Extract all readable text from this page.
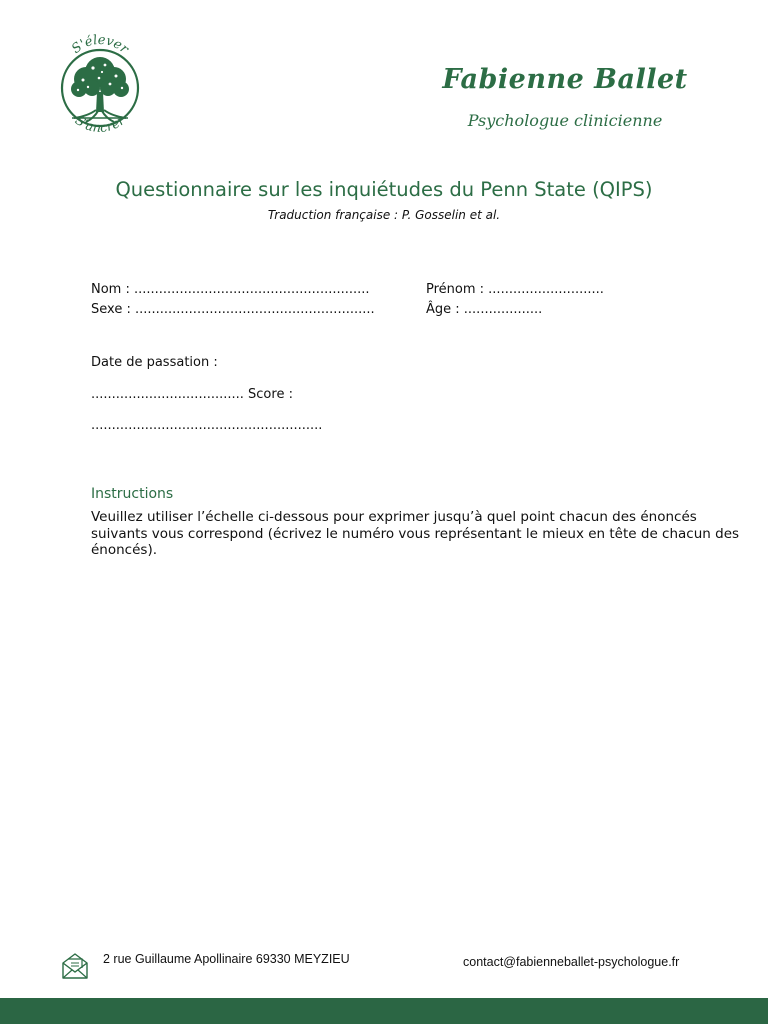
S'élever
S'ancrer
Fabienne Ballet
Psychologue clinicienne
Questionnaire sur les inquiétudes du Penn State (QIPS)
Traduction française : P. Gosselin et al.
Nom : .........................................................	Prénom : ............................
Sexe : ..........................................................	Âge : ...................
Date de passation :
..................................... Score :
........................................................
Instructions
Veuillez utiliser l’échelle ci-dessous pour exprimer jusqu’à quel point chacun des énoncés suivants vous correspond (écrivez le numéro vous représentant le mieux en tête de chacun des énoncés).
2 rue Guillaume Apollinaire 69330 MEYZIEU	contact@fabienneballet-psychologue.fr
